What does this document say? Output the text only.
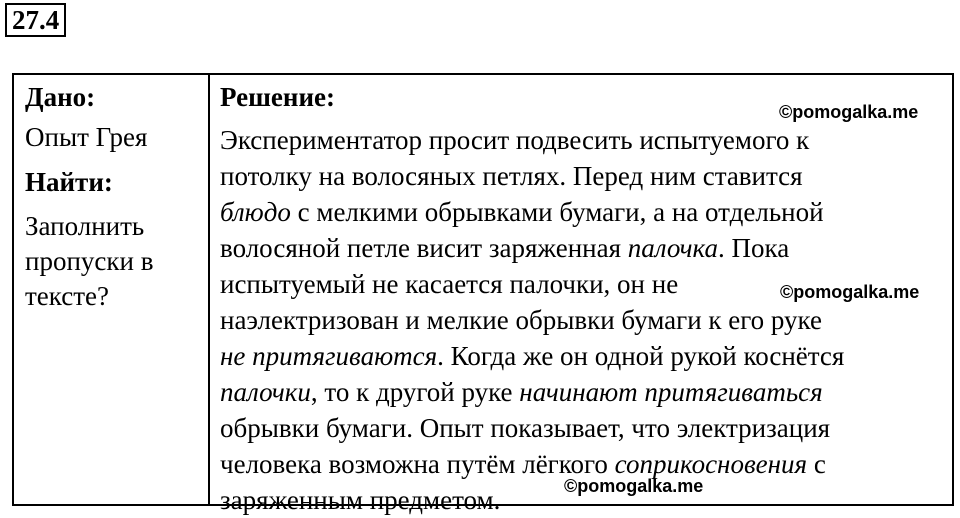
27.4
Дано:
Опыт Грея
Найти:
Заполнить пропуски в тексте?
Решение:
Экспериментатор просит подвесить испытуемого к
потолку на волосяных петлях. Перед ним ставится
блюдо с мелкими обрывками бумаги, а на отдельной
волосяной петле висит заряженная палочка. Пока
испытуемый не касается палочки, он не
наэлектризован и мелкие обрывки бумаги к его руке
не притягиваются. Когда же он одной рукой коснётся
палочки, то к другой руке начинают притягиваться
обрывки бумаги. Опыт показывает, что электризация
человека возможна путём лёгкого соприкосновения с
заряженным предметом.
©pomogalka.me
©pomogalka.me
©pomogalka.me
